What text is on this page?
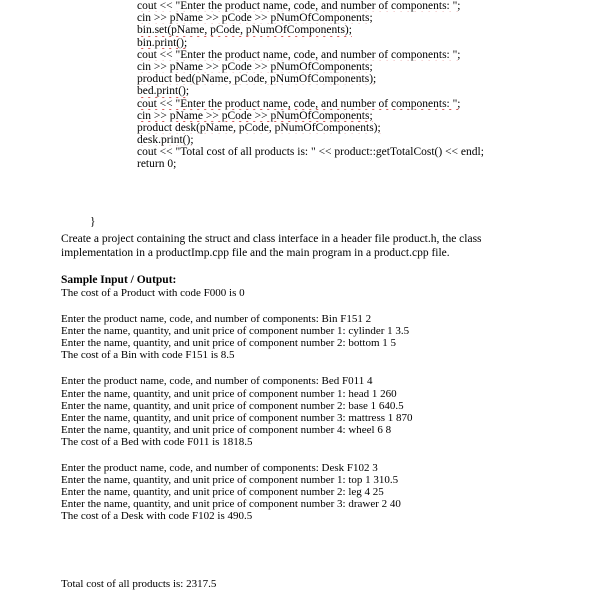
cout << "Enter the product name, code, and number of components: ";
cin >> pName >> pCode >> pNumOfComponents;
bin.set(pName, pCode, pNumOfComponents);
bin.print();
cout << "Enter the product name, code, and number of components: ";
cin >> pName >> pCode >> pNumOfComponents;
product bed(pName, pCode, pNumOfComponents);
bed.print();
cout << "Enter the product name, code, and number of components: ";
cin >> pName >> pCode >> pNumOfComponents;
product desk(pName, pCode, pNumOfComponents);
desk.print();
cout << "Total cost of all products is: " << product::getTotalCost() << endl;
return 0;
}
Create a project containing the struct and class interface in a header file product.h, the class
implementation in a productImp.cpp file and the main program in a product.cpp file.
Sample Input / Output:
The cost of a Product with code F000 is 0
Enter the product name, code, and number of components: Bin F151 2
Enter the name, quantity, and unit price of component number 1: cylinder 1 3.5
Enter the name, quantity, and unit price of component number 2: bottom 1 5
The cost of a Bin with code F151 is 8.5
Enter the product name, code, and number of components: Bed F011 4
Enter the name, quantity, and unit price of component number 1: head 1 260
Enter the name, quantity, and unit price of component number 2: base 1 640.5
Enter the name, quantity, and unit price of component number 3: mattress 1 870
Enter the name, quantity, and unit price of component number 4: wheel 6 8
The cost of a Bed with code F011 is 1818.5
Enter the product name, code, and number of components: Desk F102 3
Enter the name, quantity, and unit price of component number 1: top 1 310.5
Enter the name, quantity, and unit price of component number 2: leg 4 25
Enter the name, quantity, and unit price of component number 3: drawer 2 40
The cost of a Desk with code F102 is 490.5
Total cost of all products is: 2317.5
